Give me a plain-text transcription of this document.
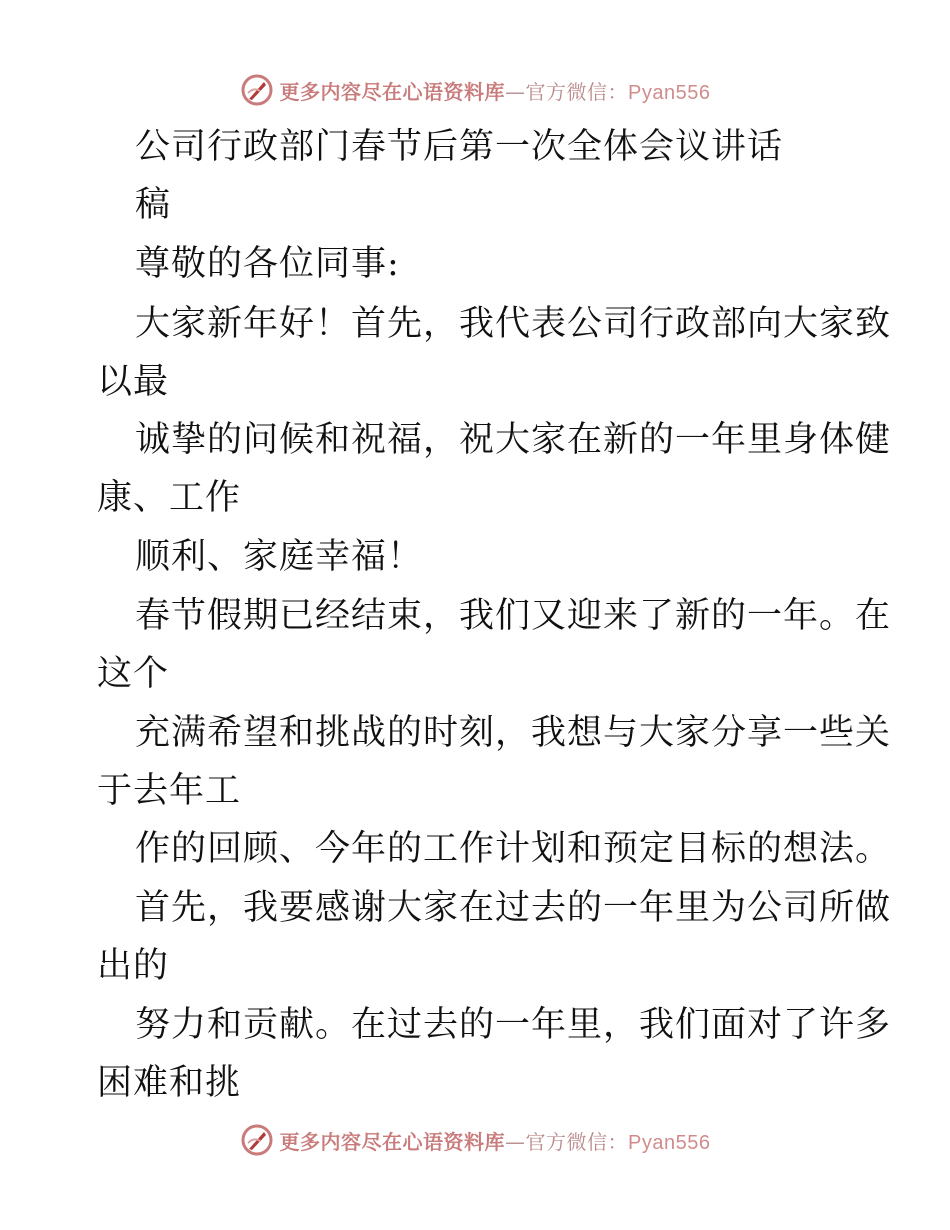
更多内容尽在心语资料库—官方微信：Pyan556
公司行政部门春节后第一次全体会议讲话
稿
尊敬的各位同事:
大家新年好！首先，我代表公司行政部向大家致
以最
诚挚的问候和祝福，祝大家在新的一年里身体健
康、工作
顺利、家庭幸福！
春节假期已经结束，我们又迎来了新的一年。在
这个
充满希望和挑战的时刻，我想与大家分享一些关
于去年工
作的回顾、今年的工作计划和预定目标的想法。
首先，我要感谢大家在过去的一年里为公司所做
出的
努力和贡献。在过去的一年里，我们面对了许多
困难和挑
更多内容尽在心语资料库—官方微信：Pyan556
